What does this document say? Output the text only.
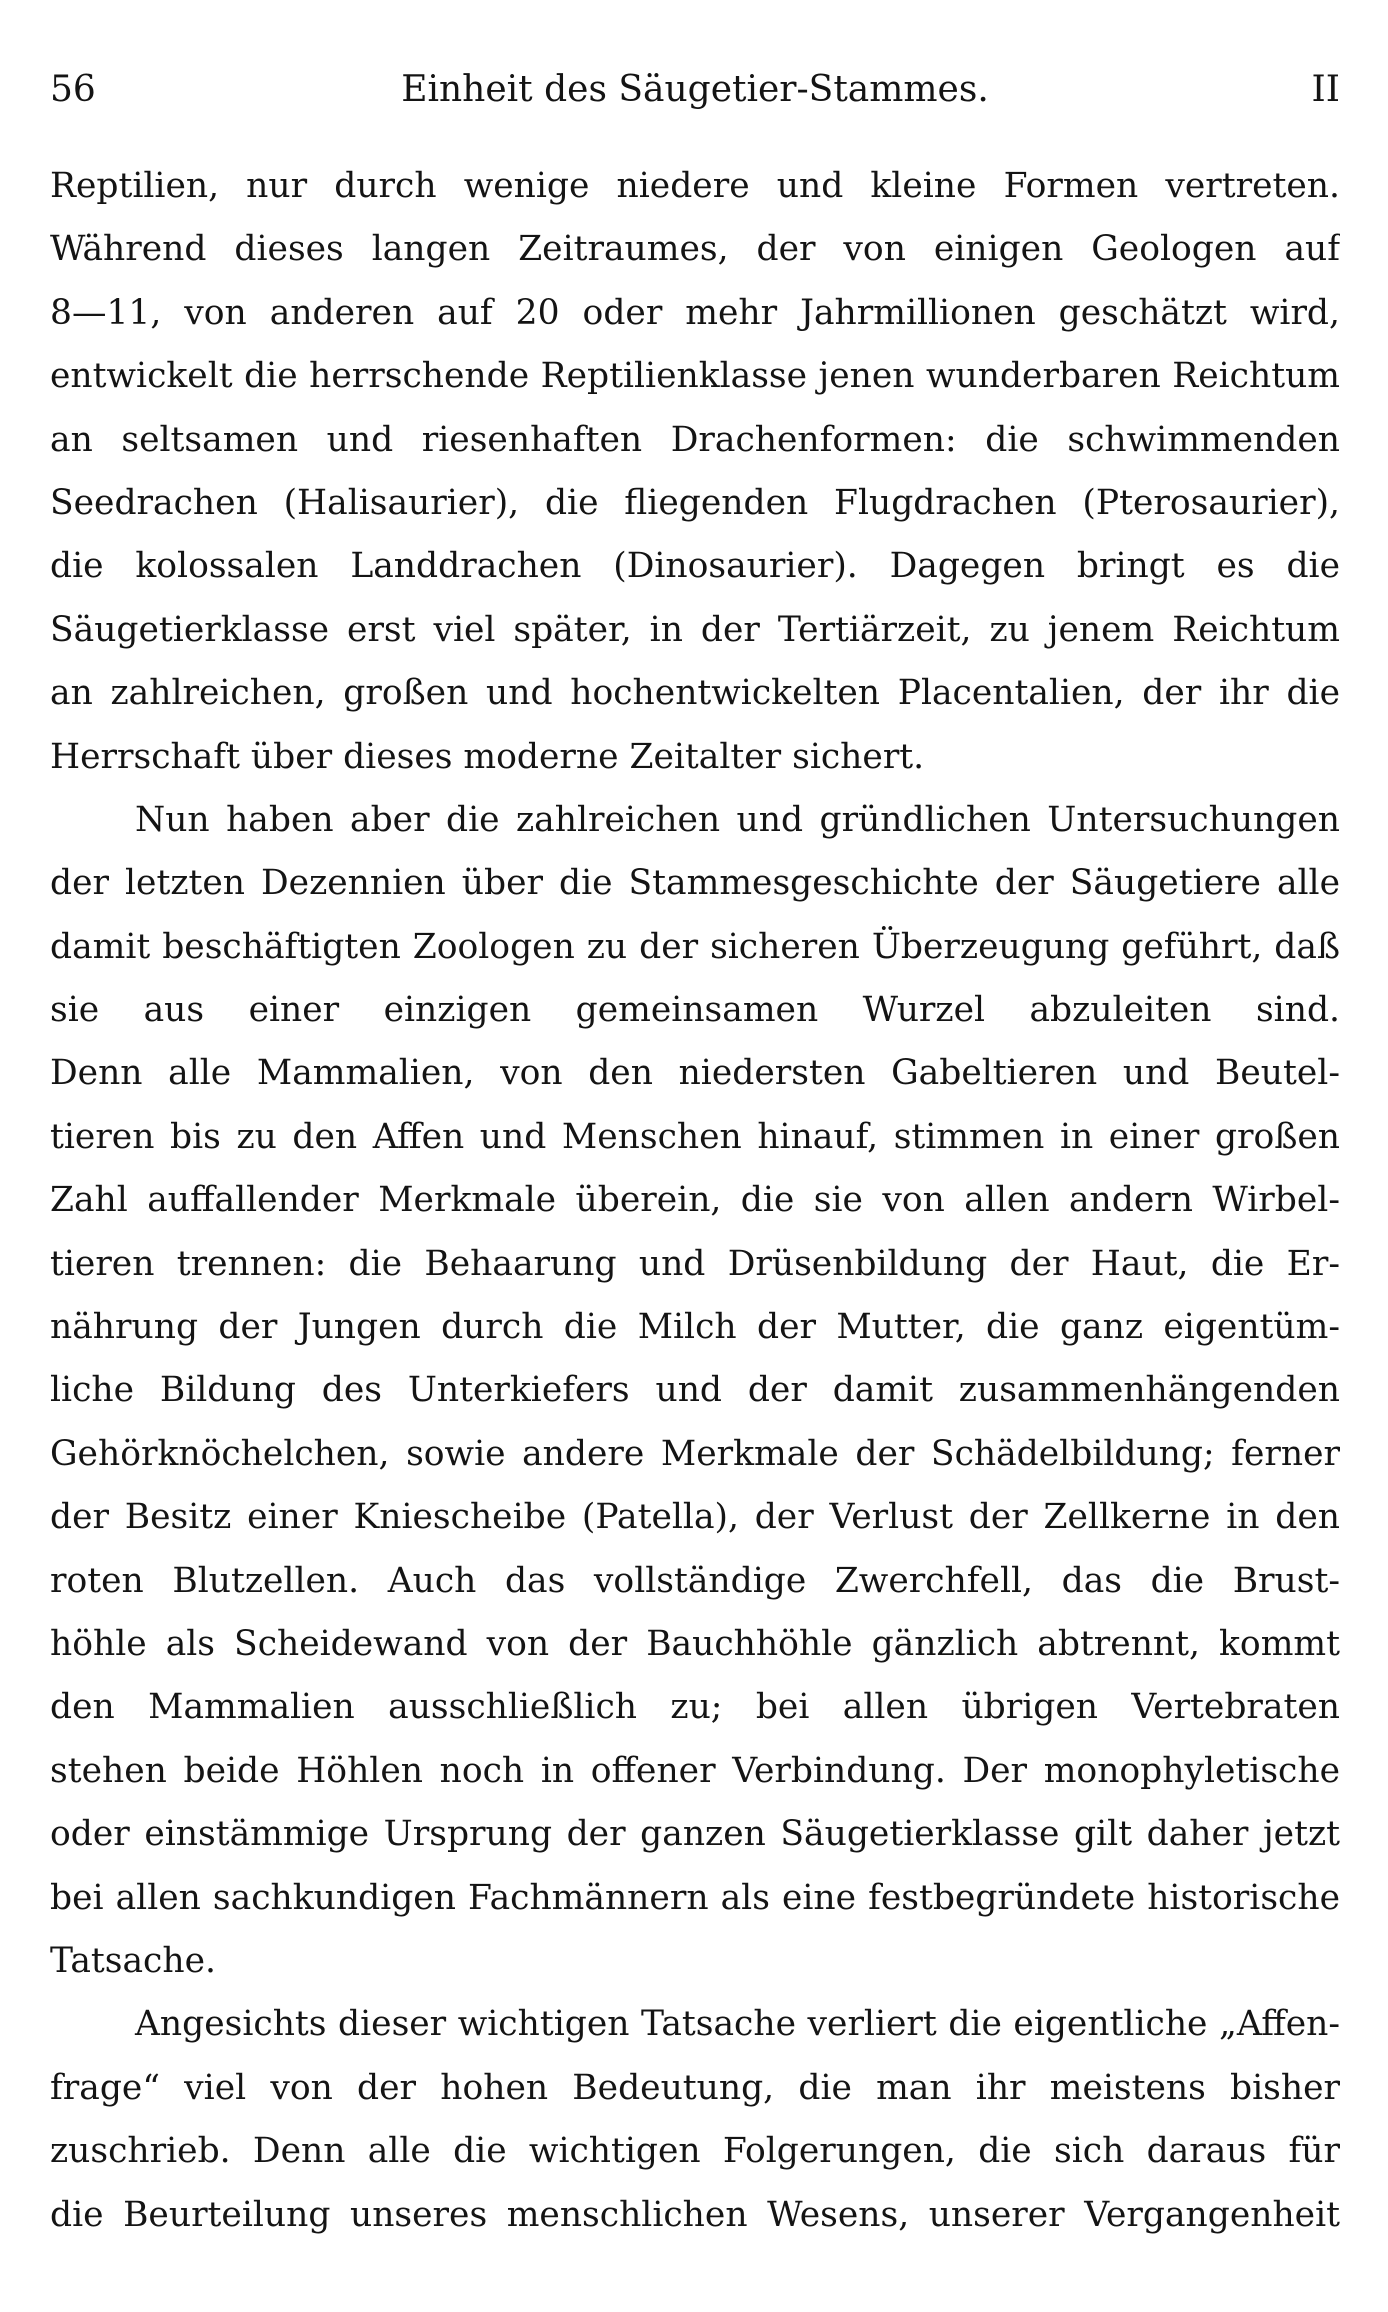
56	Einheit des Säugetier-Stammes.	II
Reptilien, nur durch wenige niedere und kleine Formen vertreten.
Während dieses langen Zeitraumes, der von einigen Geologen auf
8—11, von anderen auf 20 oder mehr Jahrmillionen geschätzt wird,
entwickelt die herrschende Reptilienklasse jenen wunderbaren Reichtum
an seltsamen und riesenhaften Drachenformen: die schwimmenden
Seedrachen (Halisaurier), die fliegenden Flugdrachen (Pterosaurier),
die kolossalen Landdrachen (Dinosaurier). Dagegen bringt es die
Säugetierklasse erst viel später, in der Tertiärzeit, zu jenem Reichtum
an zahlreichen, großen und hochentwickelten Placentalien, der ihr die
Herrschaft über dieses moderne Zeitalter sichert.
Nun haben aber die zahlreichen und gründlichen Untersuchungen
der letzten Dezennien über die Stammesgeschichte der Säugetiere alle
damit beschäftigten Zoologen zu der sicheren Überzeugung geführt, daß
sie aus einer einzigen gemeinsamen Wurzel abzuleiten sind.
Denn alle Mammalien, von den niedersten Gabeltieren und Beutel-
tieren bis zu den Affen und Menschen hinauf, stimmen in einer großen
Zahl auffallender Merkmale überein, die sie von allen andern Wirbel-
tieren trennen: die Behaarung und Drüsenbildung der Haut, die Er-
nährung der Jungen durch die Milch der Mutter, die ganz eigentüm-
liche Bildung des Unterkiefers und der damit zusammenhängenden
Gehörknöchelchen, sowie andere Merkmale der Schädelbildung; ferner
der Besitz einer Kniescheibe (Patella), der Verlust der Zellkerne in den
roten Blutzellen. Auch das vollständige Zwerchfell, das die Brust-
höhle als Scheidewand von der Bauchhöhle gänzlich abtrennt, kommt
den Mammalien ausschließlich zu; bei allen übrigen Vertebraten
stehen beide Höhlen noch in offener Verbindung. Der monophyletische
oder einstämmige Ursprung der ganzen Säugetierklasse gilt daher jetzt
bei allen sachkundigen Fachmännern als eine festbegründete historische
Tatsache.
Angesichts dieser wichtigen Tatsache verliert die eigentliche „Affen-
frage“ viel von der hohen Bedeutung, die man ihr meistens bisher
zuschrieb. Denn alle die wichtigen Folgerungen, die sich daraus für
die Beurteilung unseres menschlichen Wesens, unserer Vergangenheit
